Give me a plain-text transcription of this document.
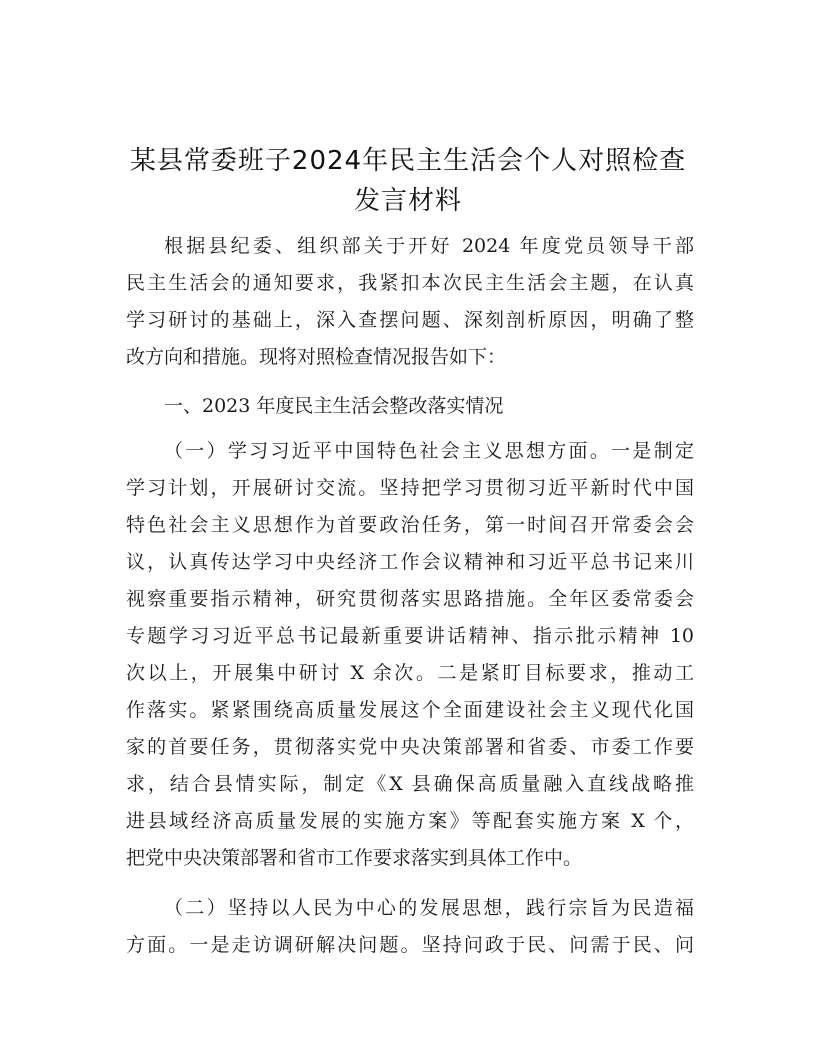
某县常委班子2024年民主生活会个人对照检查
发言材料
根据县纪委、组织部关于开好 2024 年度党员领导干部
民主生活会的通知要求，我紧扣本次民主生活会主题，在认真
学习研讨的基础上，深入查摆问题、深刻剖析原因，明确了整
改方向和措施。现将对照检查情况报告如下：
一、2023 年度民主生活会整改落实情况
（一）学习习近平中国特色社会主义思想方面。一是制定
学习计划，开展研讨交流。坚持把学习贯彻习近平新时代中国
特色社会主义思想作为首要政治任务，第一时间召开常委会会
议，认真传达学习中央经济工作会议精神和习近平总书记来川
视察重要指示精神，研究贯彻落实思路措施。全年区委常委会
专题学习习近平总书记最新重要讲话精神、指示批示精神 10
次以上，开展集中研讨 X 余次。二是紧盯目标要求，推动工
作落实。紧紧围绕高质量发展这个全面建设社会主义现代化国
家的首要任务，贯彻落实党中央决策部署和省委、市委工作要
求，结合县情实际，制定《X 县确保高质量融入直线战略推
进县域经济高质量发展的实施方案》等配套实施方案 X 个，
把党中央决策部署和省市工作要求落实到具体工作中。
（二）坚持以人民为中心的发展思想，践行宗旨为民造福
方面。一是走访调研解决问题。坚持问政于民、问需于民、问
